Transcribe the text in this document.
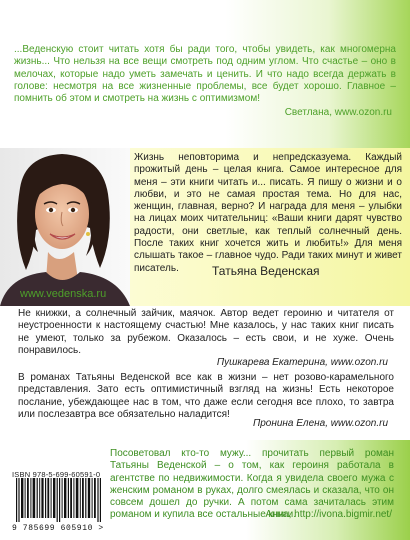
...Веденскую стоит читать хотя бы ради того, чтобы увидеть, как многомерна жизнь... Что нельзя на все вещи смотреть под одним углом. Что счастье – оно в мелочах, которые надо уметь замечать и ценить. И что надо всегда держать в голове: несмотря на все жизненные проблемы, все будет хорошо. Главное – помнить об этом и смотреть на жизнь с оптимизмом!
Светлана, www.ozon.ru
Жизнь неповторима и непредсказуема. Каждый прожитый день – целая книга. Самое интересное для меня – эти книги читать и... писать. Я пишу о жизни и о любви, и это не самая простая тема. Но для нас, женщин, главная, верно? И наградa для меня – улыбки на лицах моих читательниц: «Ваши книги дарят чувство радости, они светлые, как теплый солнечный день. После таких книг хочется жить и любить!» Для меня слышать такое – главное чудо. Ради таких минут и живет писатель.	Татьяна Веденская
www.vedenska.ru
Не книжки, а солнечный зайчик, маячок. Автор ведет героиню и читателя от неустроенности к настоящему счастью! Мне казалось, у нас таких книг писать не умеют, только за рубежом. Оказалось – есть свои, и не хуже. Очень понравилось.
Пушкарева Екатерина, www.ozon.ru
В романах Татьяны Веденской все как в жизни – нет розово-карамельного представления. Зато есть оптимистичный взгляд на жизнь! Есть некоторое послание, убеждающее нас в том, что даже если сегодня все плохо, то завтра или послезавтра все обязательно наладится!
Пронина Елена, www.ozon.ru
Посоветовал кто-то мужу... прочитать первый роман Татьяны Веденской – о том, как героиня работала в агентстве по недвижимости. Когда я увидела своего мужа с женским романом в руках, долго смеялась и сказала, что он совсем дошел до ручки. А потом сама зачиталась этим романом и купила все остальные книги.
Анна, http://ivona.bigmir.net/
ISBN 978-5-699-60591-0
9 785699 605910 >
